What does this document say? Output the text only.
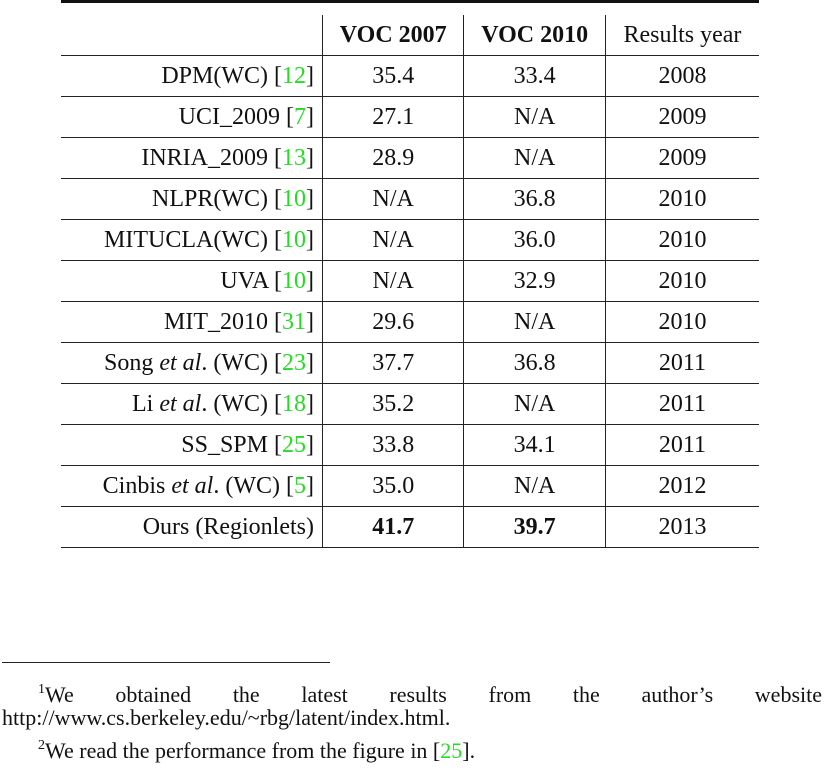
	VOC 2007	VOC 2010	Results year
DPM(WC) [12]	35.4	33.4	2008
UCI_2009 [7]	27.1	N/A	2009
INRIA_2009 [13]	28.9	N/A	2009
NLPR(WC) [10]	N/A	36.8	2010
MITUCLA(WC) [10]	N/A	36.0	2010
UVA [10]	N/A	32.9	2010
MIT_2010 [31]	29.6	N/A	2010
Song et al. (WC) [23]	37.7	36.8	2011
Li et al. (WC) [18]	35.2	N/A	2011
SS_SPM [25]	33.8	34.1	2011
Cinbis et al. (WC) [5]	35.0	N/A	2012
Ours (Regionlets)	41.7	39.7	2013
$^1$We obtained the latest results from the author’s website
http://www.cs.berkeley.edu/~rbg/latent/index.html.
$^2$We read the performance from the figure in [25].
